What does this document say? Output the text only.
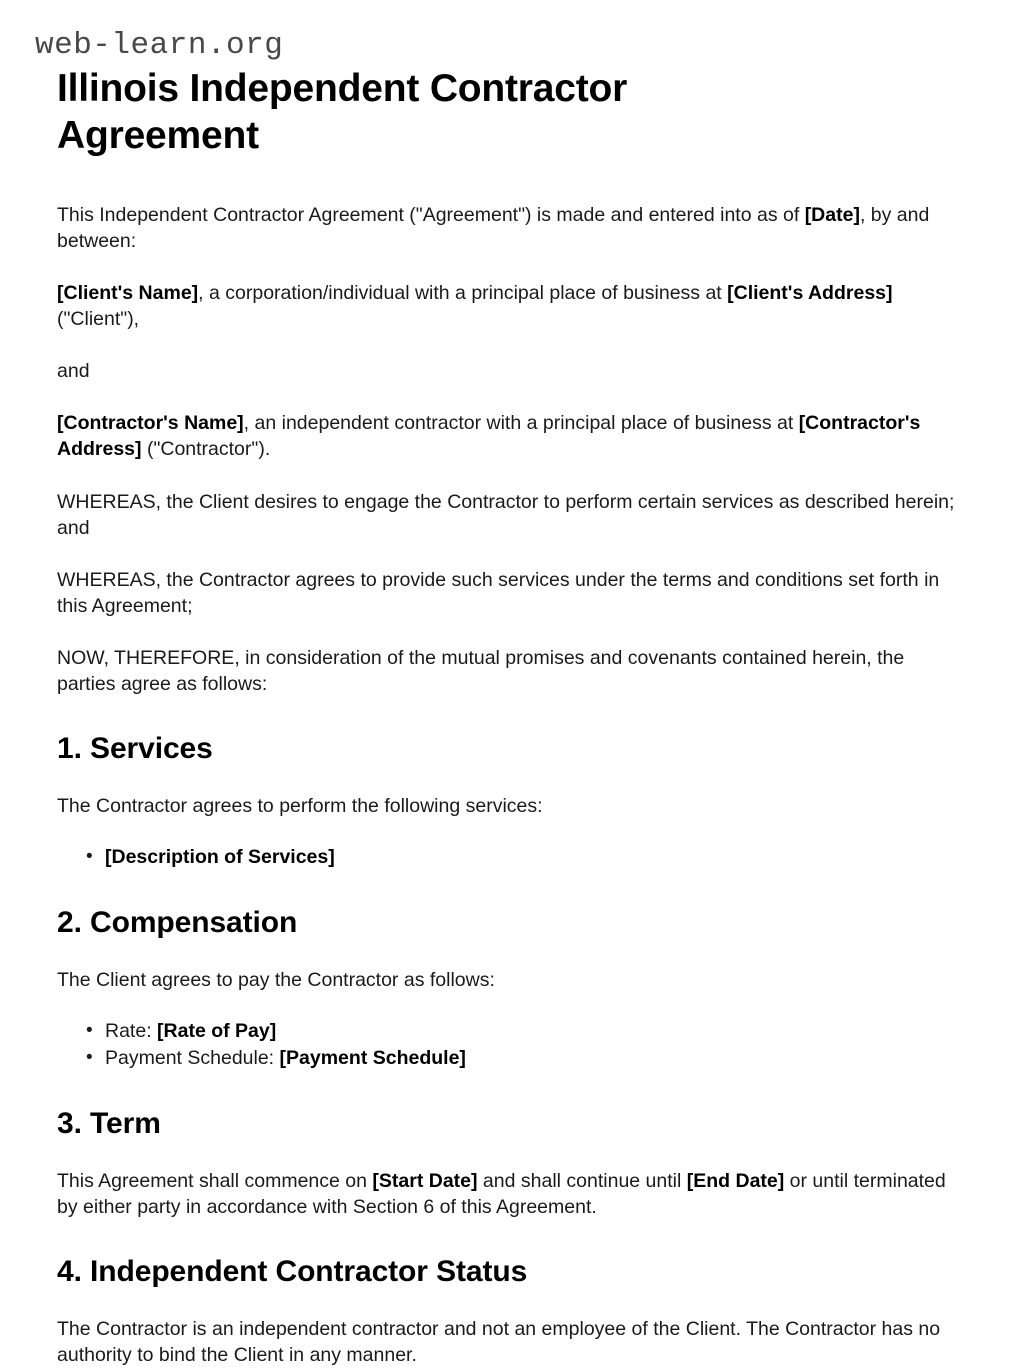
web-learn.org
Illinois Independent Contractor Agreement

This Independent Contractor Agreement ("Agreement") is made and entered into as of [Date], by and between:

[Client's Name], a corporation/individual with a principal place of business at [Client's Address] ("Client"),

and

[Contractor's Name], an independent contractor with a principal place of business at [Contractor's Address] ("Contractor").

WHEREAS, the Client desires to engage the Contractor to perform certain services as described herein; and

WHEREAS, the Contractor agrees to provide such services under the terms and conditions set forth in this Agreement;

NOW, THEREFORE, in consideration of the mutual promises and covenants contained herein, the parties agree as follows:

1. Services

The Contractor agrees to perform the following services:

• [Description of Services]
2. Compensation

The Client agrees to pay the Contractor as follows:

• Rate: [Rate of Pay]
• Payment Schedule: [Payment Schedule]
3. Term

This Agreement shall commence on [Start Date] and shall continue until [End Date] or until terminated by either party in accordance with Section 6 of this Agreement.

4. Independent Contractor Status

The Contractor is an independent contractor and not an employee of the Client. The Contractor has no authority to bind the Client in any manner.
